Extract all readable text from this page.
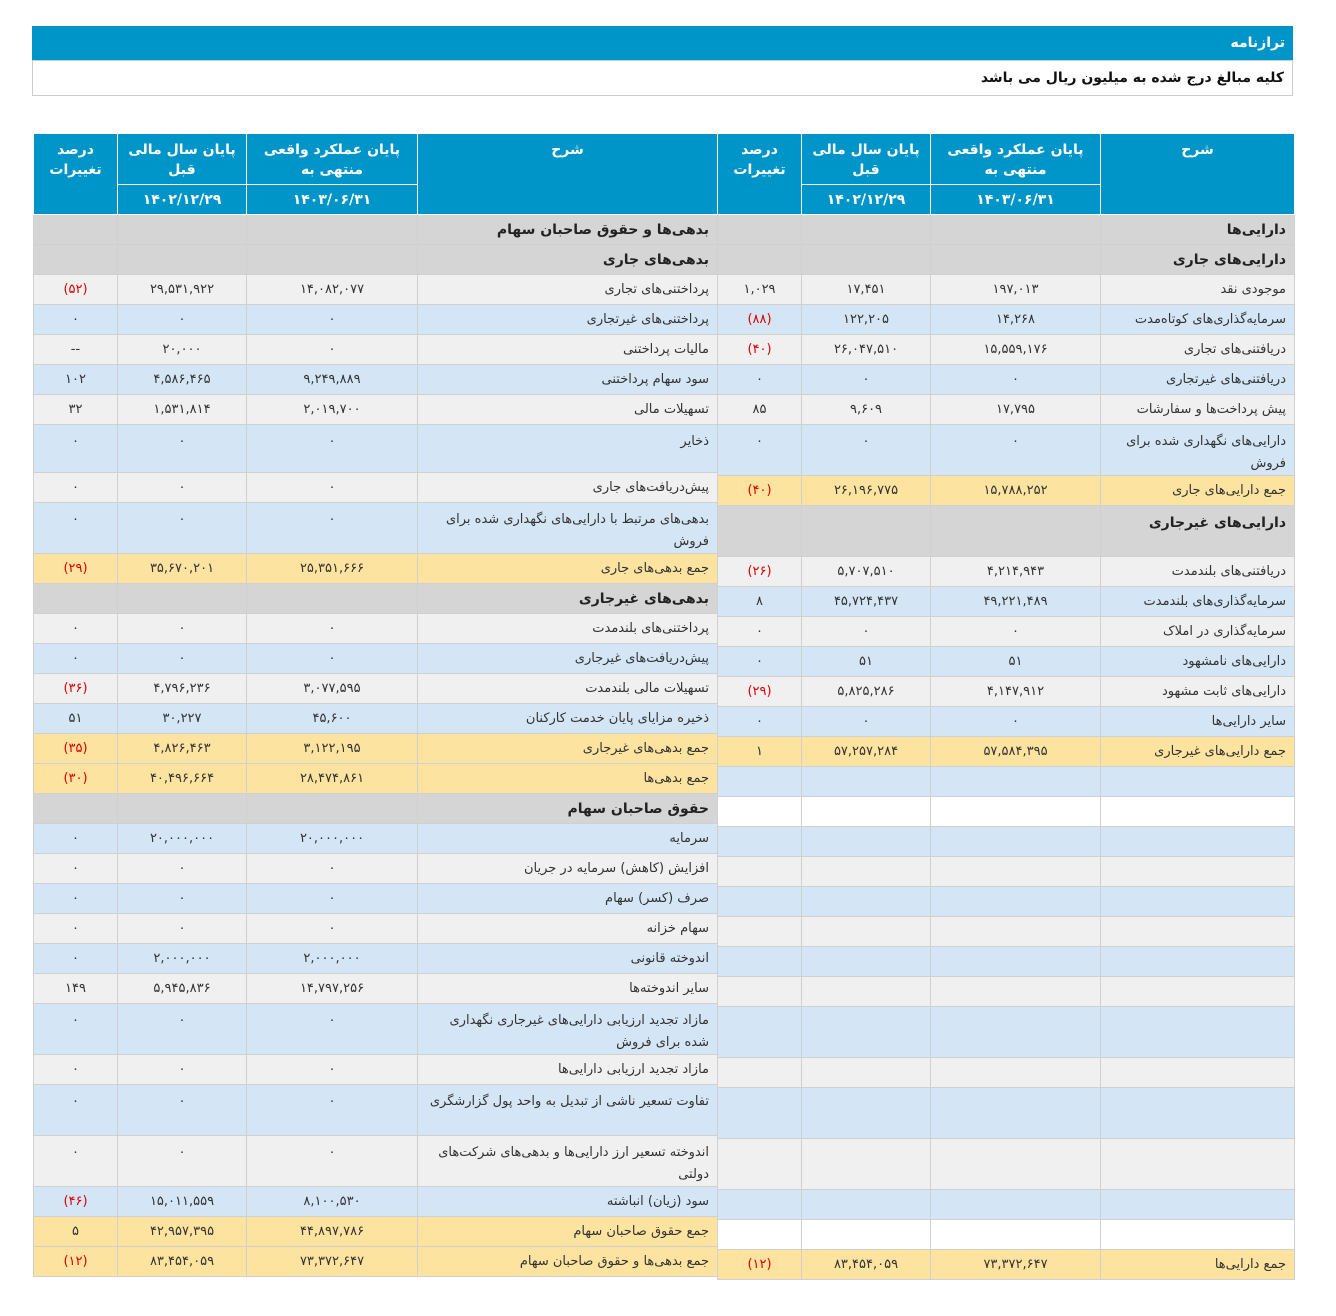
ترازنامه
کلیه مبالغ درج شده به میلیون ریال می باشد
شرح	پایان عملکرد واقعی منتهی به	پایان سال مالی قبل	درصد تغییرات
	۱۴۰۳/۰۶/۳۱	۱۴۰۲/۱۲/۲۹	
دارایی‌ها			
دارایی‌های جاری			
موجودی نقد	۱۹۷,۰۱۳	۱۷,۴۵۱	۱,۰۲۹
سرمایه‌گذاری‌های کوتاه‌مدت	۱۴,۲۶۸	۱۲۲,۲۰۵	(۸۸)
دریافتنی‌های تجاری	۱۵,۵۵۹,۱۷۶	۲۶,۰۴۷,۵۱۰	(۴۰)
دریافتنی‌های غیرتجاری	۰	۰	۰
پیش پرداخت‌ها و سفارشات	۱۷,۷۹۵	۹,۶۰۹	۸۵
دارایی‌های نگهداری شده برای فروش	۰	۰	۰
جمع دارایی‌های جاری	۱۵,۷۸۸,۲۵۲	۲۶,۱۹۶,۷۷۵	(۴۰)
دارایی‌های غیرجاری			
دریافتنی‌های بلندمدت	۴,۲۱۴,۹۴۳	۵,۷۰۷,۵۱۰	(۲۶)
سرمایه‌گذاری‌های بلندمدت	۴۹,۲۲۱,۴۸۹	۴۵,۷۲۴,۴۳۷	۸
سرمایه‌گذاری در املاک	۰	۰	۰
دارایی‌های نامشهود	۵۱	۵۱	۰
دارایی‌های ثابت مشهود	۴,۱۴۷,۹۱۲	۵,۸۲۵,۲۸۶	(۲۹)
سایر دارایی‌ها	۰	۰	۰
جمع دارایی‌های غیرجاری	۵۷,۵۸۴,۳۹۵	۵۷,۲۵۷,۲۸۴	۱

جمع دارایی‌ها	۷۳,۳۷۲,۶۴۷	۸۳,۴۵۴,۰۵۹	(۱۲)
شرح	پایان عملکرد واقعی منتهی به	پایان سال مالی قبل	درصد تغییرات
	۱۴۰۳/۰۶/۳۱	۱۴۰۲/۱۲/۲۹	
بدهی‌ها و حقوق صاحبان سهام			
بدهی‌های جاری			
پرداختنی‌های تجاری	۱۴,۰۸۲,۰۷۷	۲۹,۵۳۱,۹۲۲	(۵۲)
پرداختنی‌های غیرتجاری	۰	۰	۰
مالیات پرداختنی	۰	۲۰,۰۰۰	--
سود سهام پرداختنی	۹,۲۴۹,۸۸۹	۴,۵۸۶,۴۶۵	۱۰۲
تسهیلات مالی	۲,۰۱۹,۷۰۰	۱,۵۳۱,۸۱۴	۳۲
ذخایر	۰	۰	۰
پیش‌دریافت‌های جاری	۰	۰	۰
بدهی‌های مرتبط با دارایی‌های نگهداری شده برای فروش	۰	۰	۰
جمع بدهی‌های جاری	۲۵,۳۵۱,۶۶۶	۳۵,۶۷۰,۲۰۱	(۲۹)
بدهی‌های غیرجاری			
پرداختنی‌های بلندمدت	۰	۰	۰
پیش‌دریافت‌های غیرجاری	۰	۰	۰
تسهیلات مالی بلندمدت	۳,۰۷۷,۵۹۵	۴,۷۹۶,۲۳۶	(۳۶)
ذخیره مزایای پایان خدمت کارکنان	۴۵,۶۰۰	۳۰,۲۲۷	۵۱
جمع بدهی‌های غیرجاری	۳,۱۲۲,۱۹۵	۴,۸۲۶,۴۶۳	(۳۵)
جمع بدهی‌ها	۲۸,۴۷۴,۸۶۱	۴۰,۴۹۶,۶۶۴	(۳۰)
حقوق صاحبان سهام			
سرمایه	۲۰,۰۰۰,۰۰۰	۲۰,۰۰۰,۰۰۰	۰
افزایش (کاهش) سرمایه در جریان	۰	۰	۰
صرف (کسر) سهام	۰	۰	۰
سهام خزانه	۰	۰	۰
اندوخته قانونی	۲,۰۰۰,۰۰۰	۲,۰۰۰,۰۰۰	۰
سایر اندوخته‌ها	۱۴,۷۹۷,۲۵۶	۵,۹۴۵,۸۳۶	۱۴۹
مازاد تجدید ارزیابی دارایی‌های غیرجاری نگهداری شده برای فروش	۰	۰	۰
مازاد تجدید ارزیابی دارایی‌ها	۰	۰	۰
تفاوت تسعیر ناشی از تبدیل به واحد پول گزارشگری	۰	۰	۰
اندوخته تسعیر ارز دارایی‌ها و بدهی‌های شرکت‌های دولتی	۰	۰	۰
سود (زیان) انباشته	۸,۱۰۰,۵۳۰	۱۵,۰۱۱,۵۵۹	(۴۶)
جمع حقوق صاحبان سهام	۴۴,۸۹۷,۷۸۶	۴۲,۹۵۷,۳۹۵	۵
جمع بدهی‌ها و حقوق صاحبان سهام	۷۳,۳۷۲,۶۴۷	۸۳,۴۵۴,۰۵۹	(۱۲)
